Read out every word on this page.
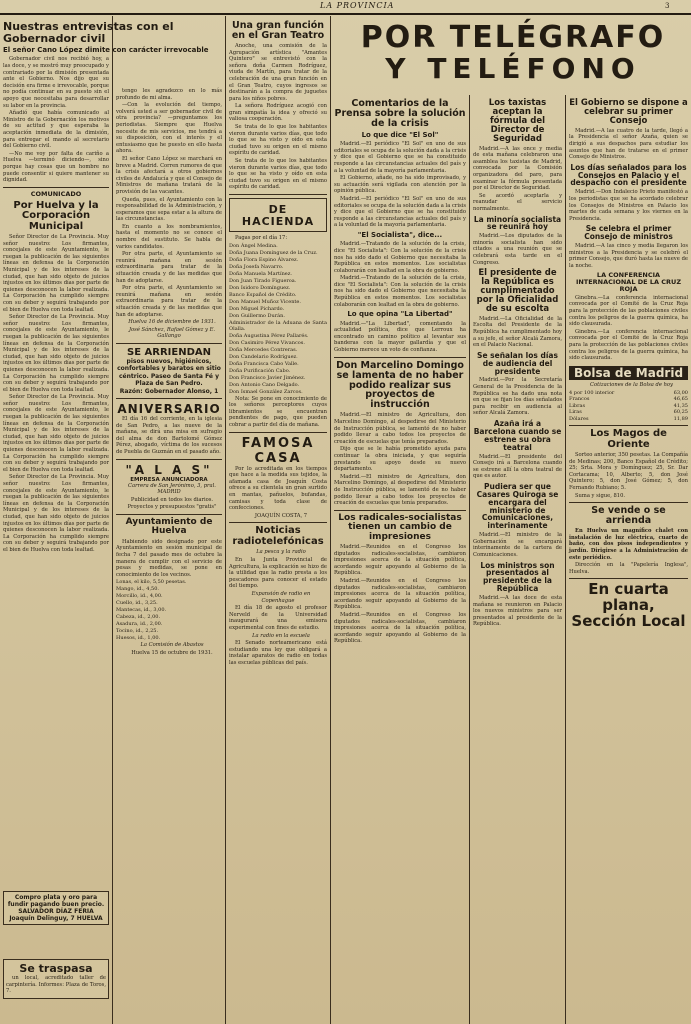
LA PROVINCIA	3
POR TELÉGRAFO
Y TELÉFONO
Nuestras entrevistas con el Gobernador civil
El señor Cano López dimite con carácter irrevocable
Gobernador civil nos recibió hoy, a las doce, y se mostró muy preocupado y contrariado por la dimisión presentada ante el Gobierno. Nos dijo que su decisión era firme e irrevocable, porque no podía continuar en su puesto sin el apoyo que necesitaba para desarrollar su labor en la provincia.
Añadió que había comunicado al Ministro de la Gobernación los motivos de su actitud y que esperaba la aceptación inmediata de la dimisión, para entregar el mando al secretario del Gobierno civil.
—No me voy por falta de cariño a Huelva —terminó diciendo—, sino porque hay cosas que un hombre no puede consentir si quiere mantener su dignidad.
COMUNICADO
Por Huelva y la Corporación Municipal
Señor Director de La Provincia. Muy señor nuestro: Los firmantes, concejales de este Ayuntamiento, le ruegan la publicación de las siguientes líneas en defensa de la Corporación Municipal y de los intereses de la ciudad, que han sido objeto de juicios injustos en los últimos días por parte de quienes desconocen la labor realizada. La Corporación ha cumplido siempre con su deber y seguirá trabajando por el bien de Huelva con toda lealtad.
Señor Director de La Provincia. Muy señor nuestro: Los firmantes, concejales de este Ayuntamiento, le ruegan la publicación de las siguientes líneas en defensa de la Corporación Municipal y de los intereses de la ciudad, que han sido objeto de juicios injustos en los últimos días por parte de quienes desconocen la labor realizada. La Corporación ha cumplido siempre con su deber y seguirá trabajando por el bien de Huelva con toda lealtad.
Señor Director de La Provincia. Muy señor nuestro: Los firmantes, concejales de este Ayuntamiento, le ruegan la publicación de las siguientes líneas en defensa de la Corporación Municipal y de los intereses de la ciudad, que han sido objeto de juicios injustos en los últimos días por parte de quienes desconocen la labor realizada. La Corporación ha cumplido siempre con su deber y seguirá trabajando por el bien de Huelva con toda lealtad.
Señor Director de La Provincia. Muy señor nuestro: Los firmantes, concejales de este Ayuntamiento, le ruegan la publicación de las siguientes líneas en defensa de la Corporación Municipal y de los intereses de la ciudad, que han sido objeto de juicios injustos en los últimos días por parte de quienes desconocen la labor realizada. La Corporación ha cumplido siempre con su deber y seguirá trabajando por el bien de Huelva con toda lealtad.
Compro plata y oro para fundir pagando buen precio. SALVADOR DÍAZ FERIA
Joaquín Delinguy, 7 HUELVA
Se traspasa
un local, acreditado taller de carpintería. Informes: Plaza de Toros, 7.
tengo les agradezco en lo más profundo de mi alma.
—Con la evolución del tiempo, volverá usted a ser gobernador civil de otra provincia? —preguntamos los periodistas. Siempre que Huelva necesite de mis servicios, me tendrá a su disposición, con el interés y el entusiasmo que he puesto en ello hasta ahora.
El señor Cano López se marchará en breve a Madrid. Corren rumores de que la crisis afectará a otros gobiernos civiles de Andalucía y que el Consejo de Ministros de mañana tratará de la provisión de las vacantes.
Queda, pues, el Ayuntamiento con la responsabilidad de la Administración, y esperamos que sepa estar a la altura de las circunstancias.
En cuanto a los nombramientos, hasta el momento no se conoce el nombre del sustituto. Se habla de varios candidatos.
Por otra parte, el Ayuntamiento se reunirá mañana en sesión extraordinaria para tratar de la situación creada y de las medidas que han de adoptarse.
Por otra parte, el Ayuntamiento se reunirá mañana en sesión extraordinaria para tratar de la situación creada y de las medidas que han de adoptarse.
Huelva 16 de diciembre de 1931.
José Sánchez, Rafael Gómez y E. Gallango
SE ARRIENDAN
pisos nuevos, higiénicos, confortables y baratos en sitio céntrico. Paseo de Santa Fé y Plaza de San Pedro.
Razón: Gobernador Alonso, 1
ANIVERSARIO
El día 16 del corriente, en la iglesia de San Pedro, a las nueve de la mañana, se dirá una misa en sufragio del alma de don Bartolomé Gómez Pérez, abogado, víctima de los sucesos de Puebla de Guzmán en el pasado año.
"A L A S"
EMPRESA ANUNCIADORA
Carrera de San Jerónimo, 3, pral. MADRID
Publicidad en todos los diarios.
Proyectos y presupuestos "gratis"
Ayuntamiento de Huelva
Habiendo sido designado por este Ayuntamiento en sesión municipal de fecha 7 del pasado mes de octubre la manera de cumplir con el servicio de pesas y medidas, se pone en conocimiento de los vecinos.
Lonas, el kilo, 5,50 pesetas.
Mango, id., 4,50.
Morcillo, id., 4,00.
Cuello, id., 3,25.
Mantecas, id., 3,00.
Cabeza, id., 2,00.
Asadura, id., 2,00.
Tocino, id., 2,25.
Huesos, id., 1,00.
La Comisión de Abastos
Huelva 15 de octubre de 1931.
Una gran función en el Gran Teatro
Anoche, una comisión de la Agrupación artística "Amantes Quintero" se entrevistó con la señora doña Carmen Rodríguez, viuda de Martín, para tratar de la celebración de una gran función en el Gran Teatro, cuyos ingresos se destinarán a la compra de juguetes para los niños pobres.
La señora Rodríguez acogió con gran simpatía la idea y ofreció su valiosa cooperación.
Se trata de lo que los habitantes vieron durante varios días, que todo lo que se ha visto y oído en esta ciudad tuvo su origen en el mismo espíritu de caridad.
Se trata de lo que los habitantes vieron durante varios días, que todo lo que se ha visto y oído en esta ciudad tuvo su origen en el mismo espíritu de caridad.
DE HACIENDA
Pagas por el día 17:
Don Ángel Medina.
Doña Juana Domínguez de la Cruz.
Doña Flora Espino Álvarez.
Doña Josefa Navarro.
Doña Manuela Martínez.
Don Juan Tirado Figueroa.
Don Isidoro Domínguez.
Banco Español de Crédito.
Don Manuel Muñoz Vicente.
Don Miguel Pichardo.
Don Guillermo Durán.
Administrador de la Aduana de Santa Olalla.
Doña Augustina Pérez Pallarés.
Don Casimiro Pérez Vivancos.
Doña Mercedes Contreras.
Don Candelario Rodríguez.
Doña Francisca Cabo Valle.
Doña Purificación Cabo.
Don Francisco Javier Jiménez.
Don Antonio Cano Delgado.
Don Ismael González Zarcos.
Nota: Se pone en conocimiento de los señores perceptores cuyos libramientos se encuentran pendientes de pago, que pueden cobrar a partir del día de mañana.
FAMOSA CASA
Por lo acreditada en los tiempos que hace a la medida sus tejidos, la afamada casa de Joaquín Costa ofrece a su clientela un gran surtido en mantas, pañuelos, bufandas, camisas y toda clase de confecciones.
JOAQUÍN COSTA, 7
Noticias radiotelefónicas
La pesca y la radio
En la Junta Provincial de Agricultura, la explicación se hizo de la utilidad que la radio presta a los pescadores para conocer el estado del tiempo.
Expansión de radio en Copenhague
El día 18 de agosto el profesor Nerveld de la Universidad inaugurará una emisora experimental con fines de estudio.
La radio en la escuela
El Senado norteamericano está estudiando una ley que obligará a instalar aparatos de radio en todas las escuelas públicas del país.
Comentarios de la Prensa sobre la solución de la crisis
Lo que dice "El Sol"
Madrid.—El periódico "El Sol" en uno de sus editoriales se ocupa de la solución dada a la crisis y dice que el Gobierno que se ha constituido responde a las circunstancias actuales del país y a la voluntad de la mayoría parlamentaria.
El Gobierno, añade, no ha sido improvisado, y su actuación será vigilada con atención por la opinión pública.
Madrid.—El periódico "El Sol" en uno de sus editoriales se ocupa de la solución dada a la crisis y dice que el Gobierno que se ha constituido responde a las circunstancias actuales del país y a la voluntad de la mayoría parlamentaria.
"El Socialista", dice...
Madrid.—Tratando de la solución de la crisis, dice "El Socialista": Con la solución de la crisis nos ha sido dado el Gobierno que necesitaba la República en estos momentos. Los socialistas colaborarán con lealtad en la obra de gobierno.
Madrid.—Tratando de la solución de la crisis, dice "El Socialista": Con la solución de la crisis nos ha sido dado el Gobierno que necesitaba la República en estos momentos. Los socialistas colaborarán con lealtad en la obra de gobierno.
Lo que opina "La Libertad"
Madrid.—"La Libertad", comentando la actualidad política, dice que Lerroux ha encontrado un camino político al levantar sus banderas con la mayor gallardía y que el Gobierno merece un voto de confianza.
Don Marcelino Domingo se lamenta de no haber podido realizar sus proyectos de instrucción
Madrid.—El ministro de Agricultura, don Marcelino Domingo, al despedirse del Ministerio de Instrucción pública, se lamentó de no haber podido llevar a cabo todos los proyectos de creación de escuelas que tenía preparados.
Dijo que se le había prometido ayuda para continuar la obra iniciada, y que seguiría prestando su apoyo desde su nuevo departamento.
Madrid.—El ministro de Agricultura, don Marcelino Domingo, al despedirse del Ministerio de Instrucción pública, se lamentó de no haber podido llevar a cabo todos los proyectos de creación de escuelas que tenía preparados.
Los radicales-socialistas tienen un cambio de impresiones
Madrid.—Reunidos en el Congreso los diputados radicales-socialistas, cambiaron impresiones acerca de la situación política, acordando seguir apoyando al Gobierno de la República.
Madrid.—Reunidos en el Congreso los diputados radicales-socialistas, cambiaron impresiones acerca de la situación política, acordando seguir apoyando al Gobierno de la República.
Madrid.—Reunidos en el Congreso los diputados radicales-socialistas, cambiaron impresiones acerca de la situación política, acordando seguir apoyando al Gobierno de la República.
Los taxistas aceptan la fórmula del Director de Seguridad
Madrid.—A las once y media de esta mañana celebraron una asamblea los taxistas de Madrid, convocada por la Comisión organizadora del paro, para examinar la fórmula presentada por el Director de Seguridad.
Se acordó aceptarla y reanudar el servicio normalmente.
La minoría socialista se reunirá hoy
Madrid.—Los diputados de la minoría socialista han sido citados a una reunión que se celebrará esta tarde en el Congreso.
El presidente de la República es cumplimentado por la Oficialidad de su escolta
Madrid.—La Oficialidad de la Escolta del Presidente de la República ha cumplimentado hoy a su jefe, el señor Alcalá Zamora, en el Palacio Nacional.
Se señalan los días de audiencia del presidente
Madrid.—Por la Secretaría General de la Presidencia de la República se ha dado una nota en que se fijan los días señalados para recibir en audiencia al señor Alcalá Zamora.
Azaña irá a Barcelona cuando se estrene su obra teatral
Madrid.—El presidente del Consejo irá a Barcelona cuando se estrene allí la obra teatral de que es autor.
Pudiera ser que Casares Quiroga se encargara del ministerio de Comunicaciones, interinamente
Madrid.—El ministro de la Gobernación se encargará interinamente de la cartera de Comunicaciones.
Los ministros son presentados al presidente de la República
Madrid.—A las doce de esta mañana se reunieron en Palacio los nuevos ministros para ser presentados al presidente de la República.
El Gobierno se dispone a celebrar su primer Consejo
Madrid.—A las cuatro de la tarde, llegó a la Presidencia el señor Azaña, quien se dirigió a sus despachos para estudiar los asuntos que han de tratarse en el primer Consejo de Ministros.
Los días señalados para los Consejos en Palacio y el despacho con el presidente
Madrid.—Don Indalecio Prieto manifestó a los periodistas que se ha acordado celebrar los Consejos de Ministros en Palacio los martes de cada semana y los viernes en la Presidencia.
Se celebra el primer Consejo de ministros
Madrid.—A las cinco y media llegaron los ministros a la Presidencia y se celebró el primer Consejo, que duró hasta las nueve de la noche.
LA CONFERENCIA INTERNACIONAL DE LA CRUZ ROJA
Ginebra.—La conferencia internacional convocada por el Comité de la Cruz Roja para la protección de las poblaciones civiles contra los peligros de la guerra química, ha sido clausurada.
Ginebra.—La conferencia internacional convocada por el Comité de la Cruz Roja para la protección de las poblaciones civiles contra los peligros de la guerra química, ha sido clausurada.
Bolsa de Madrid
Cotizaciones de la Bolsa de hoy
4 por 100 interior	63,00
Francos	46,65
Libras	41,35
Liras	60,25
Dólares	11,89
Los Magos de Oriente
Sorteo anterior, 350 pesetas. La Compañía de Medinas; 200, Banco Español de Crédito; 25; Srta. Mora y Domínguez; 25, Sr. Dar Cortacama; 10, Alberto; 5, don José Quintero; 5, don José Gómez; 5, don Fernando Rubiano; 5.
Suma y sigue, 810.
Se vende o se arrienda
En Huelva un magnífico chalet con instalación de luz eléctrica, cuarto de baño, con dos pisos independientes y jardín. Dirigirse a la Administración de este periódico.
Dirección en la "Papelería Inglesa", Huelva.
En cuarta plana, Sección Local
